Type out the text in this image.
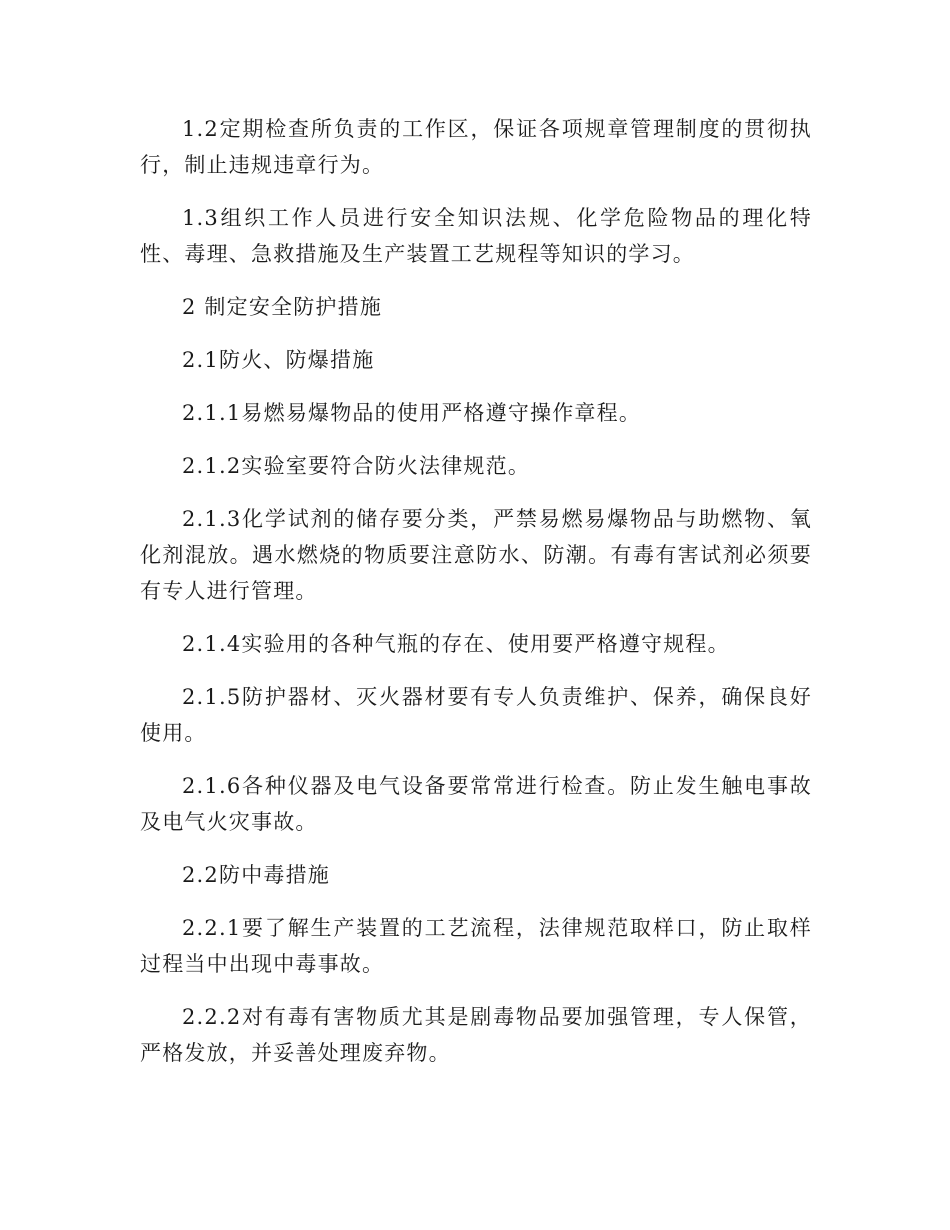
1.2定期检查所负责的工作区，保证各项规章管理制度的贯彻执行，制止违规违章行为。

1.3组织工作人员进行安全知识法规、化学危险物品的理化特性、毒理、急救措施及生产装置工艺规程等知识的学习。

2 制定安全防护措施

2.1防火、防爆措施

2.1.1易燃易爆物品的使用严格遵守操作章程。

2.1.2实验室要符合防火法律规范。

2.1.3化学试剂的储存要分类，严禁易燃易爆物品与助燃物、氧化剂混放。遇水燃烧的物质要注意防水、防潮。有毒有害试剂必须要有专人进行管理。

2.1.4实验用的各种气瓶的存在、使用要严格遵守规程。

2.1.5防护器材、灭火器材要有专人负责维护、保养，确保良好使用。

2.1.6各种仪器及电气设备要常常进行检查。防止发生触电事故及电气火灾事故。

2.2防中毒措施

2.2.1要了解生产装置的工艺流程，法律规范取样口，防止取样过程当中出现中毒事故。

2.2.2对有毒有害物质尤其是剧毒物品要加强管理，专人保管，严格发放，并妥善处理废弃物。
